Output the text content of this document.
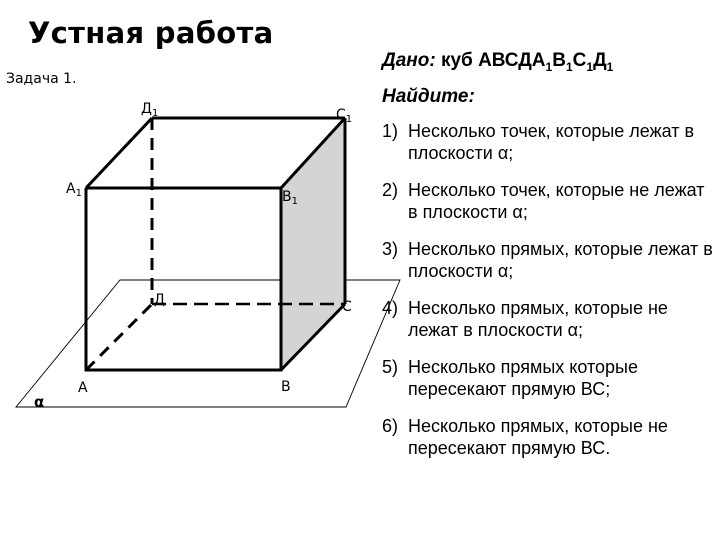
Устная работа
Задача 1.
Дано: куб $АВСДА_1В_1С_1Д_1$
Найдите:
1) Несколько точек, которые лежат в плоскости α;
2) Несколько точек, которые не лежат в плоскости α;
3) Несколько прямых, которые лежат в плоскости α;
4) Несколько прямых, которые не лежат в плоскости α;
5) Несколько прямых которые пересекают прямую ВС;
6) Несколько прямых, которые не пересекают прямую ВС.
$Д_1$	$С_1$
$А_1$	$В_1$
Д	С
А	В
α
